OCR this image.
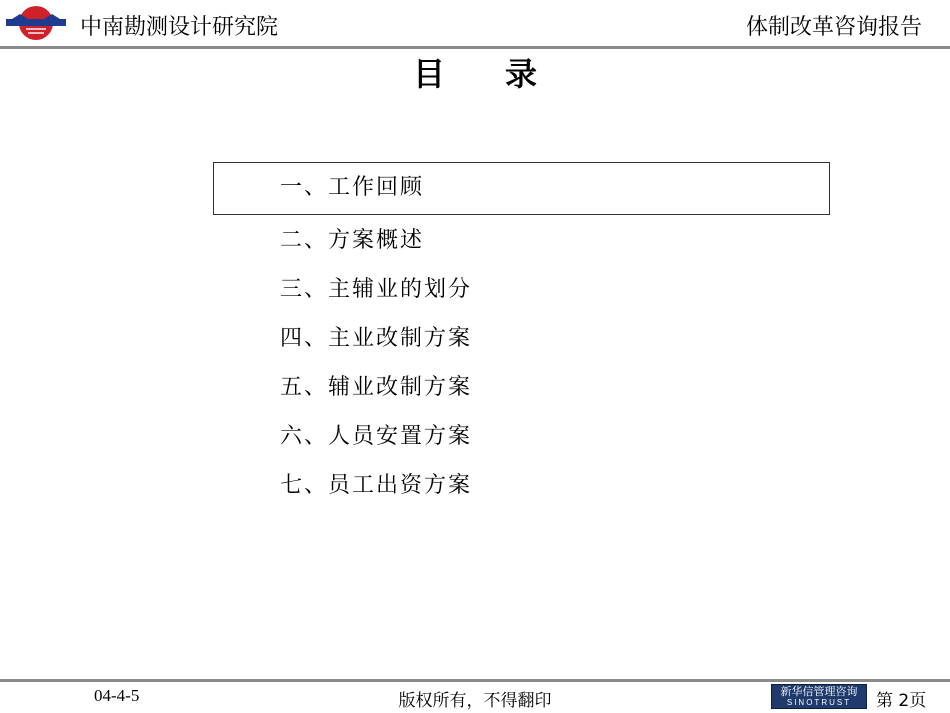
中南勘测设计研究院	体制改革咨询报告
目录
一、工作回顾
二、方案概述
三、主辅业的划分
四、主业改制方案
五、辅业改制方案
六、人员安置方案
七、员工出资方案
04-4-5	版权所有，不得翻印	新华信管理咨询
SINOTRUST	第 2页
